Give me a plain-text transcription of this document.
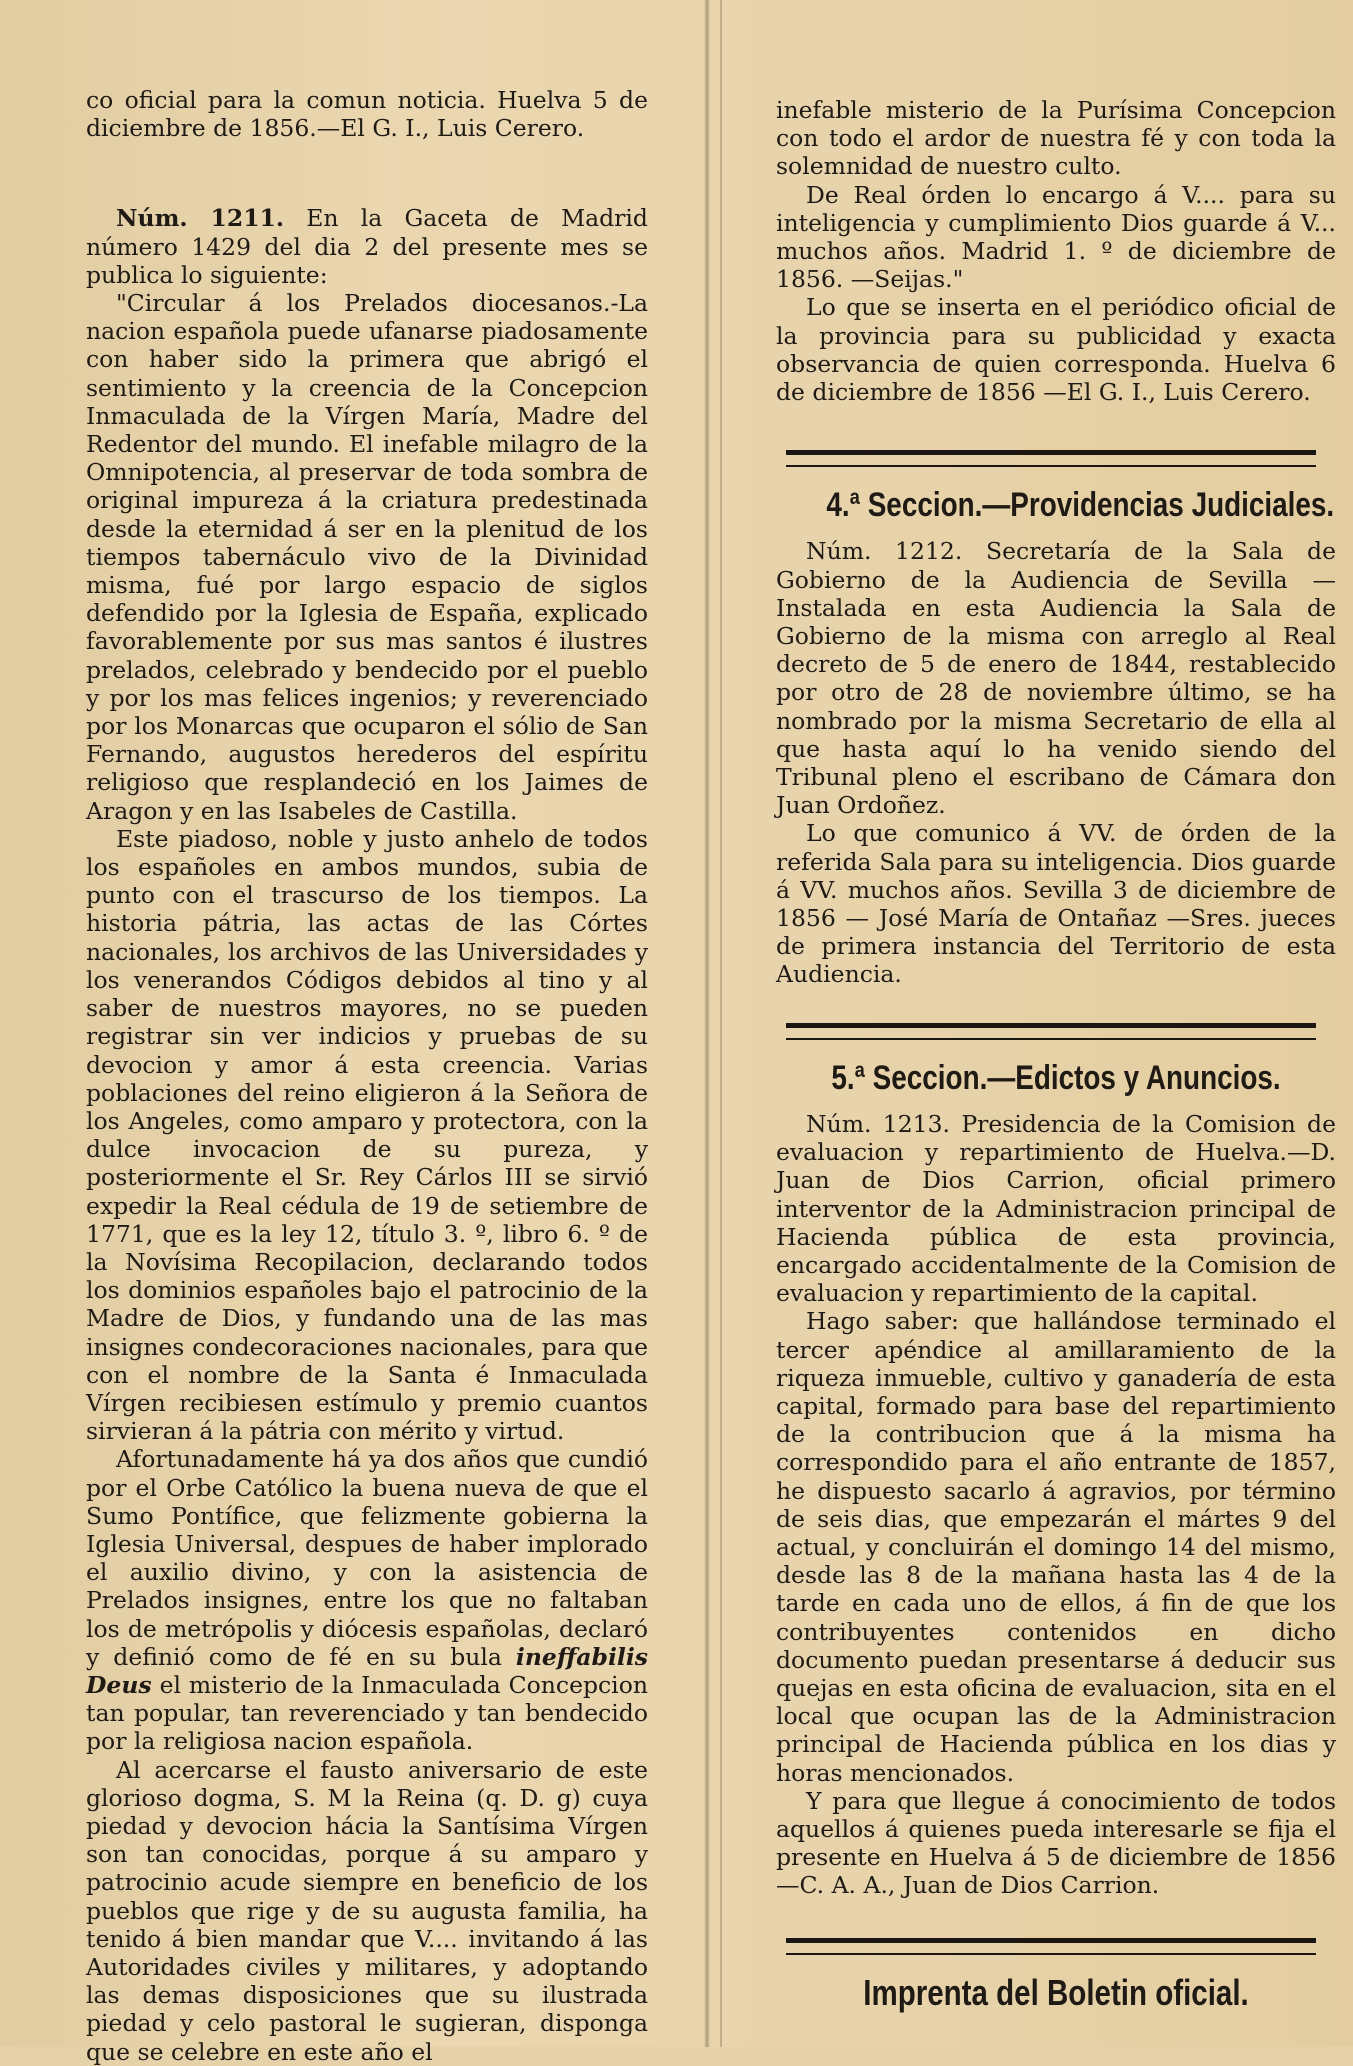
co oficial para la comun noticia. Huelva 5 de diciembre de 1856.—El G. I., Luis Cerero.

Núm. 1211. En la Gaceta de Madrid número 1429 del dia 2 del presente mes se publica lo siguiente:

"Circular á los Prelados diocesanos.-La nacion española puede ufanarse piadosamente con haber sido la primera que abrigó el sentimiento y la creencia de la Concepcion Inmaculada de la Vírgen María, Madre del Redentor del mundo. El inefable milagro de la Omnipotencia, al preservar de toda sombra de original impureza á la criatura predestinada desde la eternidad á ser en la plenitud de los tiempos tabernáculo vivo de la Divinidad misma, fué por largo espacio de siglos defendido por la Iglesia de España, explicado favorablemente por sus mas santos é ilustres prelados, celebrado y bendecido por el pueblo y por los mas felices ingenios; y reverenciado por los Monarcas que ocuparon el sólio de San Fernando, augustos herederos del espíritu religioso que resplandeció en los Jaimes de Aragon y en las Isabeles de Castilla.

Este piadoso, noble y justo anhelo de todos los españoles en ambos mundos, subia de punto con el trascurso de los tiempos. La historia pátria, las actas de las Córtes nacionales, los archivos de las Universidades y los venerandos Códigos debidos al tino y al saber de nuestros mayores, no se pueden registrar sin ver indicios y pruebas de su devocion y amor á esta creencia. Varias poblaciones del reino eligieron á la Señora de los Angeles, como amparo y protectora, con la dulce invocacion de su pureza, y posteriormente el Sr. Rey Cárlos III se sirvió expedir la Real cédula de 19 de setiembre de 1771, que es la ley 12, título 3. º, libro 6. º de la Novísima Recopilacion, declarando todos los dominios españoles bajo el patrocinio de la Madre de Dios, y fundando una de las mas insignes condecoraciones nacionales, para que con el nombre de la Santa é Inmaculada Vírgen recibiesen estímulo y premio cuantos sirvieran á la pátria con mérito y virtud.

Afortunadamente há ya dos años que cundió por el Orbe Católico la buena nueva de que el Sumo Pontífice, que felizmente gobierna la Iglesia Universal, despues de haber implorado el auxilio divino, y con la asistencia de Prelados insignes, entre los que no faltaban los de metrópolis y diócesis españolas, declaró y definió como de fé en su bula ineffabilis Deus el misterio de la Inmaculada Concepcion tan popular, tan reverenciado y tan bendecido por la religiosa nacion española.

Al acercarse el fausto aniversario de este glorioso dogma, S. M la Reina (q. D. g) cuya piedad y devocion hácia la Santísima Vírgen son tan conocidas, porque á su amparo y patrocinio acude siempre en beneficio de los pueblos que rige y de su augusta familia, ha tenido á bien mandar que V.... invitando á las Autoridades civiles y militares, y adoptando las demas disposiciones que su ilustrada piedad y celo pastoral le sugieran, disponga que se celebre en este año el

inefable misterio de la Purísima Concepcion con todo el ardor de nuestra fé y con toda la solemnidad de nuestro culto.

De Real órden lo encargo á V.... para su inteligencia y cumplimiento Dios guarde á V... muchos años. Madrid 1. º de diciembre de 1856. —Seijas."

Lo que se inserta en el periódico oficial de la provincia para su publicidad y exacta observancia de quien corresponda. Huelva 6 de diciembre de 1856 —El G. I., Luis Cerero.

4.ª Seccion.—Providencias Judiciales.

Núm. 1212. Secretaría de la Sala de Gobierno de la Audiencia de Sevilla —Instalada en esta Audiencia la Sala de Gobierno de la misma con arreglo al Real decreto de 5 de enero de 1844, restablecido por otro de 28 de noviembre último, se ha nombrado por la misma Secretario de ella al que hasta aquí lo ha venido siendo del Tribunal pleno el escribano de Cámara don Juan Ordoñez.

Lo que comunico á VV. de órden de la referida Sala para su inteligencia. Dios guarde á VV. muchos años. Sevilla 3 de diciembre de 1856 — José María de Ontañaz —Sres. jueces de primera instancia del Territorio de esta Audiencia.

5.ª Seccion.—Edictos y Anuncios.

Núm. 1213. Presidencia de la Comision de evaluacion y repartimiento de Huelva.—D. Juan de Dios Carrion, oficial primero interventor de la Administracion principal de Hacienda pública de esta provincia, encargado accidentalmente de la Comision de evaluacion y repartimiento de la capital.

Hago saber: que hallándose terminado el tercer apéndice al amillaramiento de la riqueza inmueble, cultivo y ganadería de esta capital, formado para base del repartimiento de la contribucion que á la misma ha correspondido para el año entrante de 1857, he dispuesto sacarlo á agravios, por término de seis dias, que empezarán el mártes 9 del actual, y concluirán el domingo 14 del mismo, desde las 8 de la mañana hasta las 4 de la tarde en cada uno de ellos, á fin de que los contribuyentes contenidos en dicho documento puedan presentarse á deducir sus quejas en esta oficina de evaluacion, sita en el local que ocupan las de la Administracion principal de Hacienda pública en los dias y horas mencionados.

Y para que llegue á conocimiento de todos aquellos á quienes pueda interesarle se fija el presente en Huelva á 5 de diciembre de 1856 —C. A. A., Juan de Dios Carrion.

Imprenta del Boletin oficial.
